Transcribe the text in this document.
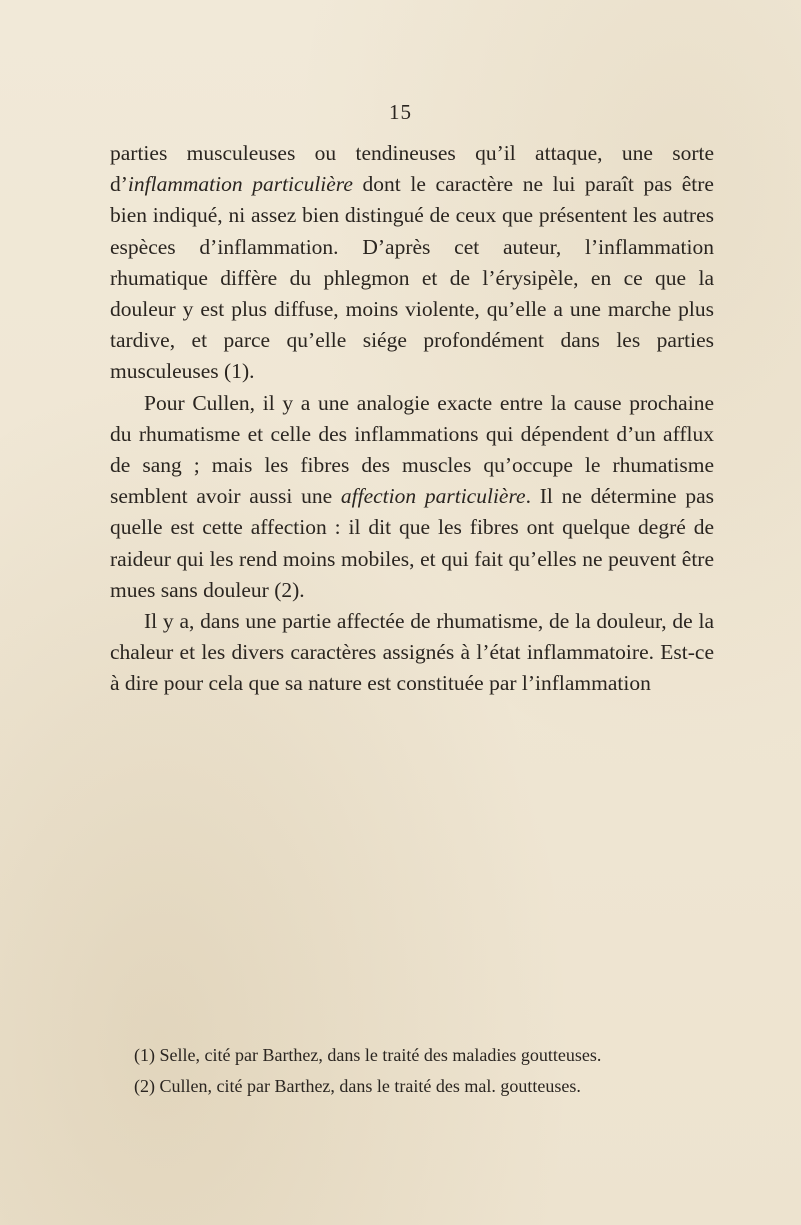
15

parties musculeuses ou tendineuses qu’il attaque, une sorte d’inflammation particulière dont le caractère ne lui paraît pas être bien indiqué, ni assez bien distingué de ceux que présentent les autres espèces d’inflammation. D’après cet auteur, l’inflammation rhumatique diffère du phlegmon et de l’érysipèle, en ce que la douleur y est plus diffuse, moins violente, qu’elle a une marche plus tardive, et parce qu’elle siége profondément dans les parties musculeuses (1).

Pour Cullen, il y a une analogie exacte entre la cause prochaine du rhumatisme et celle des inflammations qui dépendent d’un afflux de sang ; mais les fibres des muscles qu’occupe le rhumatisme semblent avoir aussi une affection particulière. Il ne détermine pas quelle est cette affection : il dit que les fibres ont quelque degré de raideur qui les rend moins mobiles, et qui fait qu’elles ne peuvent être mues sans douleur (2).

Il y a, dans une partie affectée de rhumatisme, de la douleur, de la chaleur et les divers caractères assignés à l’état inflammatoire. Est-ce à dire pour cela que sa nature est constituée par l’inflammation

(1) Selle, cité par Barthez, dans le traité des maladies goutteuses.

(2) Cullen, cité par Barthez, dans le traité des mal. goutteuses.
